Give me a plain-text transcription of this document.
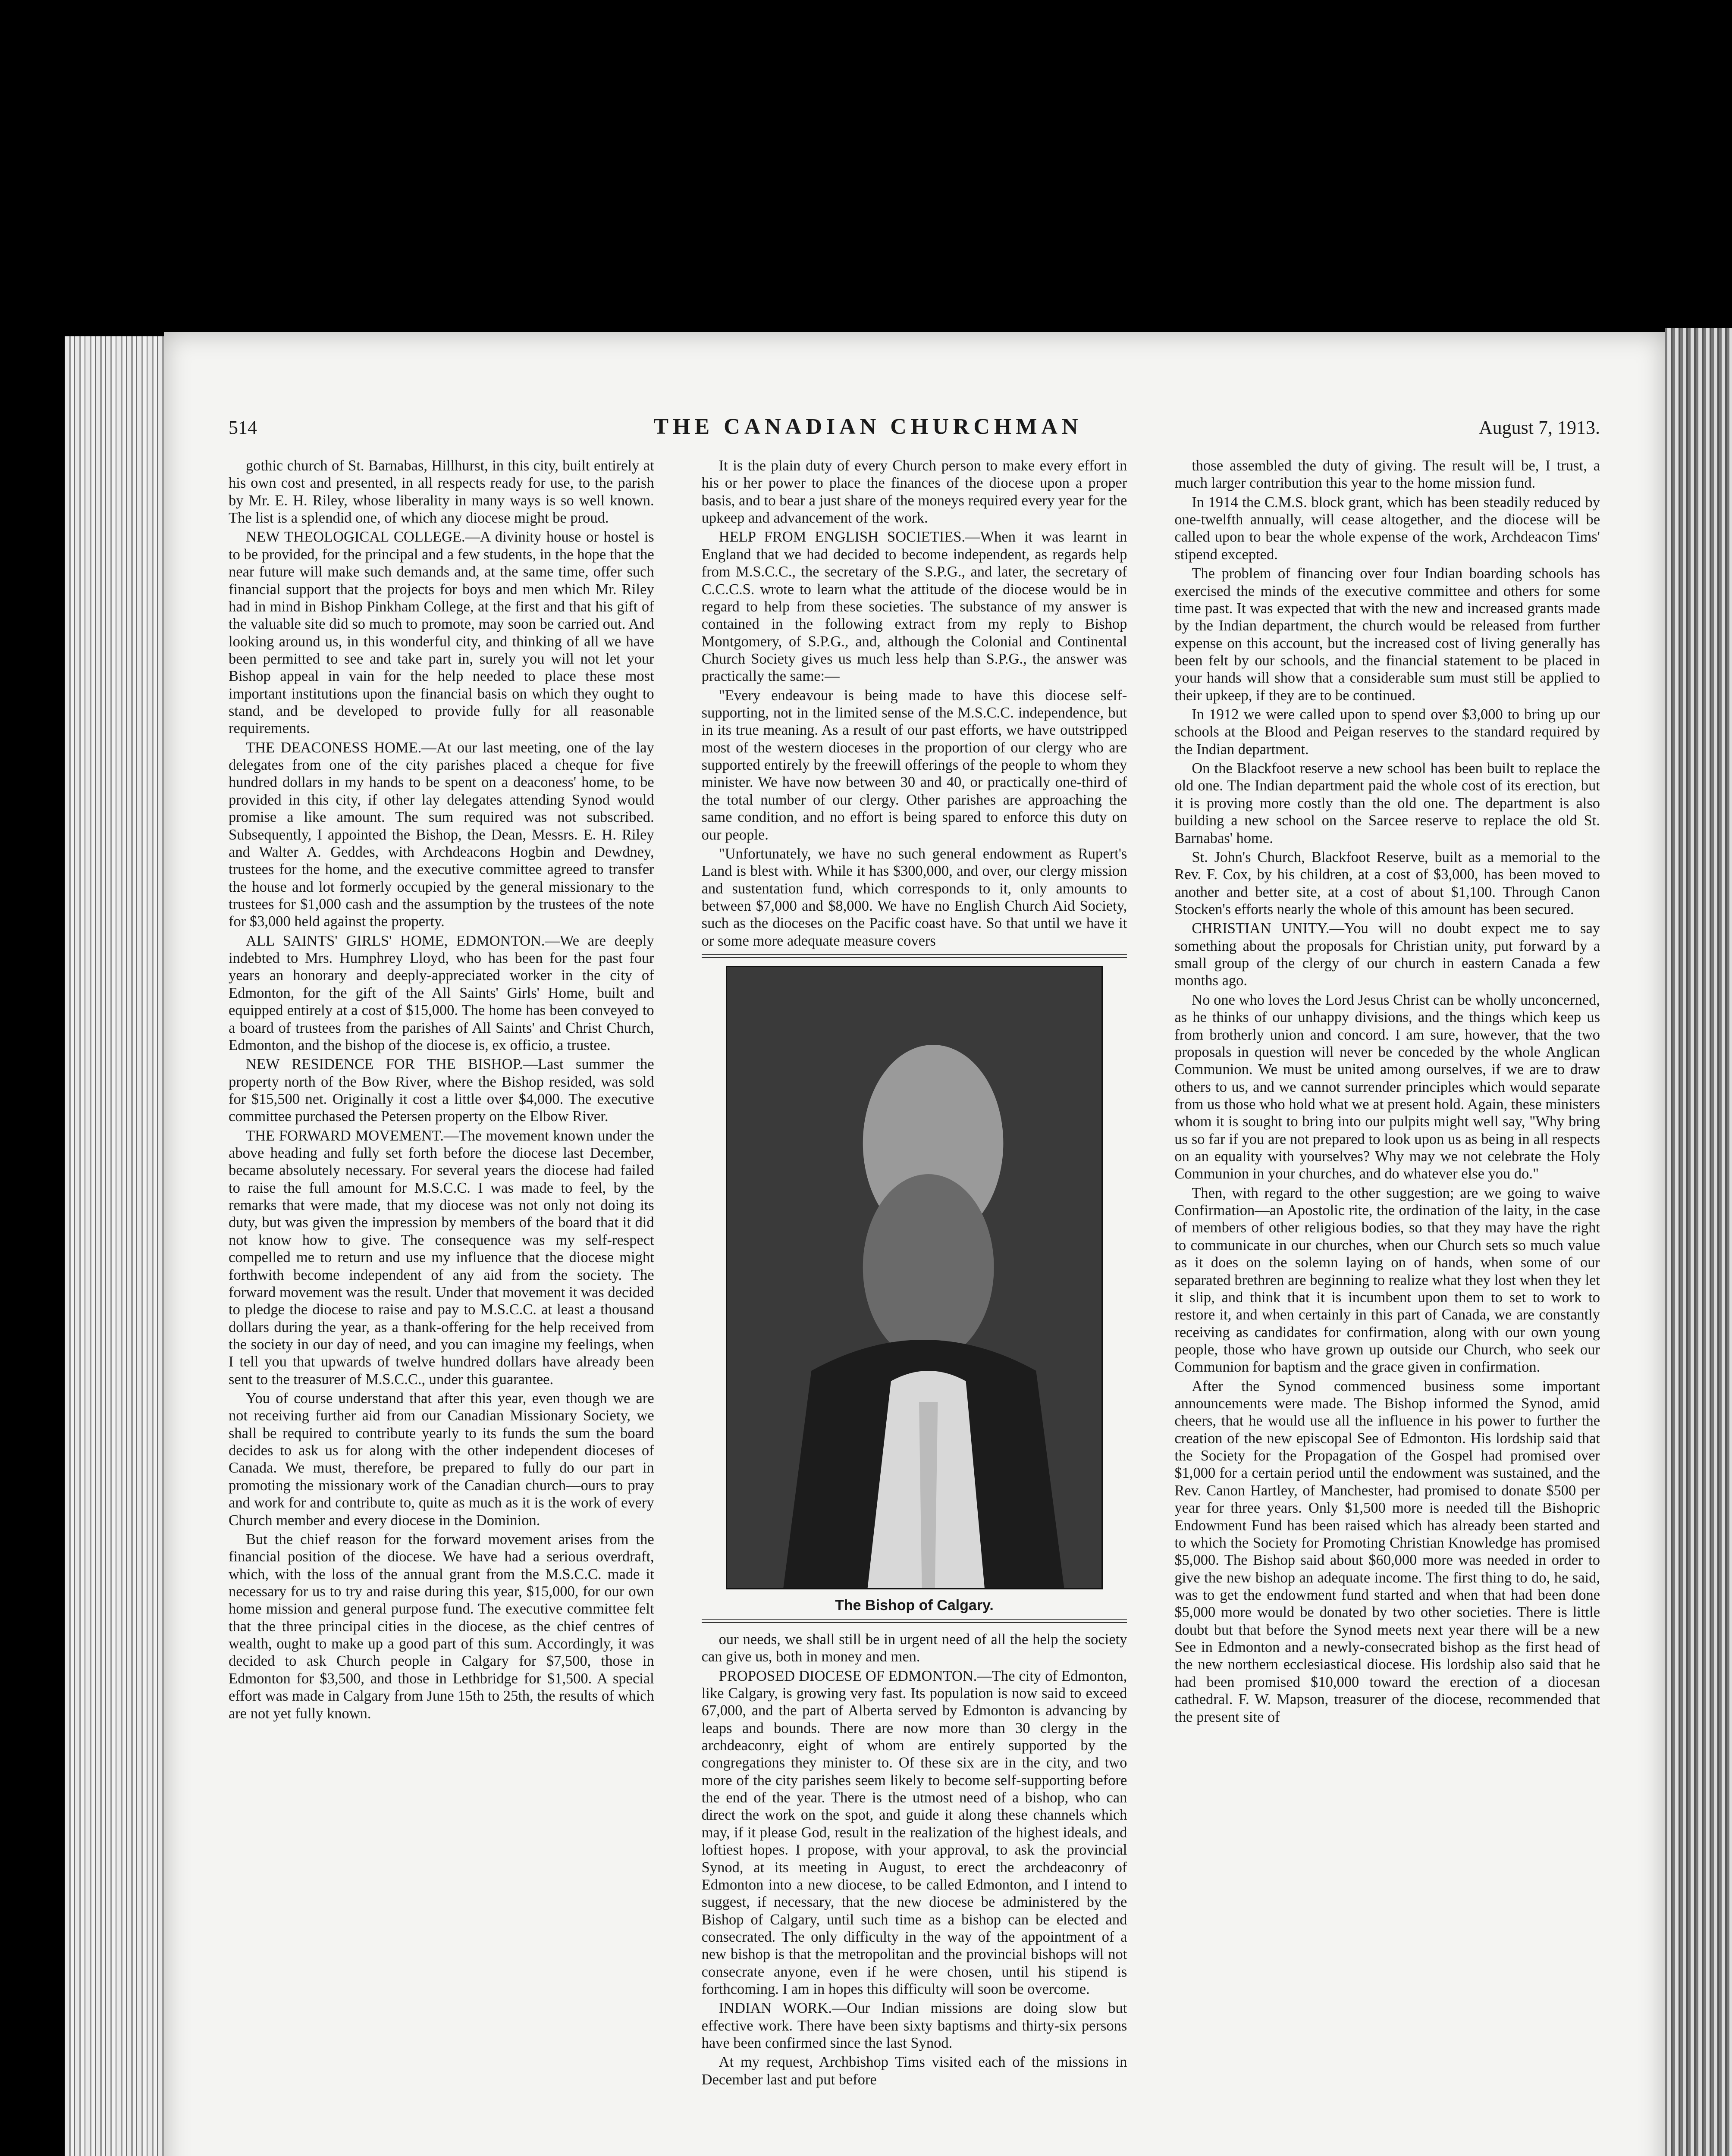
514	THE CANADIAN CHURCHMAN	August 7, 1913.

gothic church of St. Barnabas, Hillhurst, in this city, built entirely at his own cost and presented, in all respects ready for use, to the parish by Mr. E. H. Riley, whose liberality in many ways is so well known. The list is a splendid one, of which any diocese might be proud.

NEW THEOLOGICAL COLLEGE.—A divinity house or hostel is to be provided, for the principal and a few students, in the hope that the near future will make such demands and, at the same time, offer such financial support that the projects for boys and men which Mr. Riley had in mind in Bishop Pinkham College, at the first and that his gift of the valuable site did so much to promote, may soon be carried out. And looking around us, in this wonderful city, and thinking of all we have been permitted to see and take part in, surely you will not let your Bishop appeal in vain for the help needed to place these most important institutions upon the financial basis on which they ought to stand, and be developed to provide fully for all reasonable requirements.

THE DEACONESS HOME.—At our last meeting, one of the lay delegates from one of the city parishes placed a cheque for five hundred dollars in my hands to be spent on a deaconess' home, to be provided in this city, if other lay delegates attending Synod would promise a like amount. The sum required was not subscribed. Subsequently, I appointed the Bishop, the Dean, Messrs. E. H. Riley and Walter A. Geddes, with Archdeacons Hogbin and Dewdney, trustees for the home, and the executive committee agreed to transfer the house and lot formerly occupied by the general missionary to the trustees for $1,000 cash and the assumption by the trustees of the note for $3,000 held against the property.

ALL SAINTS' GIRLS' HOME, EDMONTON.—We are deeply indebted to Mrs. Humphrey Lloyd, who has been for the past four years an honorary and deeply-appreciated worker in the city of Edmonton, for the gift of the All Saints' Girls' Home, built and equipped entirely at a cost of $15,000. The home has been conveyed to a board of trustees from the parishes of All Saints' and Christ Church, Edmonton, and the bishop of the diocese is, ex officio, a trustee.

NEW RESIDENCE FOR THE BISHOP.—Last summer the property north of the Bow River, where the Bishop resided, was sold for $15,500 net. Originally it cost a little over $4,000. The executive committee purchased the Petersen property on the Elbow River.

THE FORWARD MOVEMENT.—The movement known under the above heading and fully set forth before the diocese last December, became absolutely necessary. For several years the diocese had failed to raise the full amount for M.S.C.C. I was made to feel, by the remarks that were made, that my diocese was not only not doing its duty, but was given the impression by members of the board that it did not know how to give. The consequence was my self-respect compelled me to return and use my influence that the diocese might forthwith become independent of any aid from the society. The forward movement was the result. Under that movement it was decided to pledge the diocese to raise and pay to M.S.C.C. at least a thousand dollars during the year, as a thank-offering for the help received from the society in our day of need, and you can imagine my feelings, when I tell you that upwards of twelve hundred dollars have already been sent to the treasurer of M.S.C.C., under this guarantee.

You of course understand that after this year, even though we are not receiving further aid from our Canadian Missionary Society, we shall be required to contribute yearly to its funds the sum the board decides to ask us for along with the other independent dioceses of Canada. We must, therefore, be prepared to fully do our part in promoting the missionary work of the Canadian church—ours to pray and work for and contribute to, quite as much as it is the work of every Church member and every diocese in the Dominion.

But the chief reason for the forward movement arises from the financial position of the diocese. We have had a serious overdraft, which, with the loss of the annual grant from the M.S.C.C. made it necessary for us to try and raise during this year, $15,000, for our own home mission and general purpose fund. The executive committee felt that the three principal cities in the diocese, as the chief centres of wealth, ought to make up a good part of this sum. Accordingly, it was decided to ask Church people in Calgary for $7,500, those in Edmonton for $3,500, and those in Lethbridge for $1,500. A special effort was made in Calgary from June 15th to 25th, the results of which are not yet fully known.

It is the plain duty of every Church person to make every effort in his or her power to place the finances of the diocese upon a proper basis, and to bear a just share of the moneys required every year for the upkeep and advancement of the work.

HELP FROM ENGLISH SOCIETIES.—When it was learnt in England that we had decided to become independent, as regards help from M.S.C.C., the secretary of the S.P.G., and later, the secretary of C.C.C.S. wrote to learn what the attitude of the diocese would be in regard to help from these societies. The substance of my answer is contained in the following extract from my reply to Bishop Montgomery, of S.P.G., and, although the Colonial and Continental Church Society gives us much less help than S.P.G., the answer was practically the same:—

"Every endeavour is being made to have this diocese self-supporting, not in the limited sense of the M.S.C.C. independence, but in its true meaning. As a result of our past efforts, we have outstripped most of the western dioceses in the proportion of our clergy who are supported entirely by the freewill offerings of the people to whom they minister. We have now between 30 and 40, or practically one-third of the total number of our clergy. Other parishes are approaching the same condition, and no effort is being spared to enforce this duty on our people.

"Unfortunately, we have no such general endowment as Rupert's Land is blest with. While it has $300,000, and over, our clergy mission and sustentation fund, which corresponds to it, only amounts to between $7,000 and $8,000. We have no English Church Aid Society, such as the dioceses on the Pacific coast have. So that until we have it or some more adequate measure covers

The Bishop of Calgary.

our needs, we shall still be in urgent need of all the help the society can give us, both in money and men.

PROPOSED DIOCESE OF EDMONTON.—The city of Edmonton, like Calgary, is growing very fast. Its population is now said to exceed 67,000, and the part of Alberta served by Edmonton is advancing by leaps and bounds. There are now more than 30 clergy in the archdeaconry, eight of whom are entirely supported by the congregations they minister to. Of these six are in the city, and two more of the city parishes seem likely to become self-supporting before the end of the year. There is the utmost need of a bishop, who can direct the work on the spot, and guide it along these channels which may, if it please God, result in the realization of the highest ideals, and loftiest hopes. I propose, with your approval, to ask the provincial Synod, at its meeting in August, to erect the archdeaconry of Edmonton into a new diocese, to be called Edmonton, and I intend to suggest, if necessary, that the new diocese be administered by the Bishop of Calgary, until such time as a bishop can be elected and consecrated. The only difficulty in the way of the appointment of a new bishop is that the metropolitan and the provincial bishops will not consecrate anyone, even if he were chosen, until his stipend is forthcoming. I am in hopes this difficulty will soon be overcome.

INDIAN WORK.—Our Indian missions are doing slow but effective work. There have been sixty baptisms and thirty-six persons have been confirmed since the last Synod.

At my request, Archbishop Tims visited each of the missions in December last and put before

those assembled the duty of giving. The result will be, I trust, a much larger contribution this year to the home mission fund.

In 1914 the C.M.S. block grant, which has been steadily reduced by one-twelfth annually, will cease altogether, and the diocese will be called upon to bear the whole expense of the work, Archdeacon Tims' stipend excepted.

The problem of financing over four Indian boarding schools has exercised the minds of the executive committee and others for some time past. It was expected that with the new and increased grants made by the Indian department, the church would be released from further expense on this account, but the increased cost of living generally has been felt by our schools, and the financial statement to be placed in your hands will show that a considerable sum must still be applied to their upkeep, if they are to be continued.

In 1912 we were called upon to spend over $3,000 to bring up our schools at the Blood and Peigan reserves to the standard required by the Indian department.

On the Blackfoot reserve a new school has been built to replace the old one. The Indian department paid the whole cost of its erection, but it is proving more costly than the old one. The department is also building a new school on the Sarcee reserve to replace the old St. Barnabas' home.

St. John's Church, Blackfoot Reserve, built as a memorial to the Rev. F. Cox, by his children, at a cost of $3,000, has been moved to another and better site, at a cost of about $1,100. Through Canon Stocken's efforts nearly the whole of this amount has been secured.

CHRISTIAN UNITY.—You will no doubt expect me to say something about the proposals for Christian unity, put forward by a small group of the clergy of our church in eastern Canada a few months ago.

No one who loves the Lord Jesus Christ can be wholly unconcerned, as he thinks of our unhappy divisions, and the things which keep us from brotherly union and concord. I am sure, however, that the two proposals in question will never be conceded by the whole Anglican Communion. We must be united among ourselves, if we are to draw others to us, and we cannot surrender principles which would separate from us those who hold what we at present hold. Again, these ministers whom it is sought to bring into our pulpits might well say, "Why bring us so far if you are not prepared to look upon us as being in all respects on an equality with yourselves? Why may we not celebrate the Holy Communion in your churches, and do whatever else you do."

Then, with regard to the other suggestion; are we going to waive Confirmation—an Apostolic rite, the ordination of the laity, in the case of members of other religious bodies, so that they may have the right to communicate in our churches, when our Church sets so much value as it does on the solemn laying on of hands, when some of our separated brethren are beginning to realize what they lost when they let it slip, and think that it is incumbent upon them to set to work to restore it, and when certainly in this part of Canada, we are constantly receiving as candidates for confirmation, along with our own young people, those who have grown up outside our Church, who seek our Communion for baptism and the grace given in confirmation.

After the Synod commenced business some important announcements were made. The Bishop informed the Synod, amid cheers, that he would use all the influence in his power to further the creation of the new episcopal See of Edmonton. His lordship said that the Society for the Propagation of the Gospel had promised over $1,000 for a certain period until the endowment was sustained, and the Rev. Canon Hartley, of Manchester, had promised to donate $500 per year for three years. Only $1,500 more is needed till the Bishopric Endowment Fund has been raised which has already been started and to which the Society for Promoting Christian Knowledge has promised $5,000. The Bishop said about $60,000 more was needed in order to give the new bishop an adequate income. The first thing to do, he said, was to get the endowment fund started and when that had been done $5,000 more would be donated by two other societies. There is little doubt but that before the Synod meets next year there will be a new See in Edmonton and a newly-consecrated bishop as the first head of the new northern ecclesiastical diocese. His lordship also said that he had been promised $10,000 toward the erection of a diocesan cathedral. F. W. Mapson, treasurer of the diocese, recommended that the present site of
